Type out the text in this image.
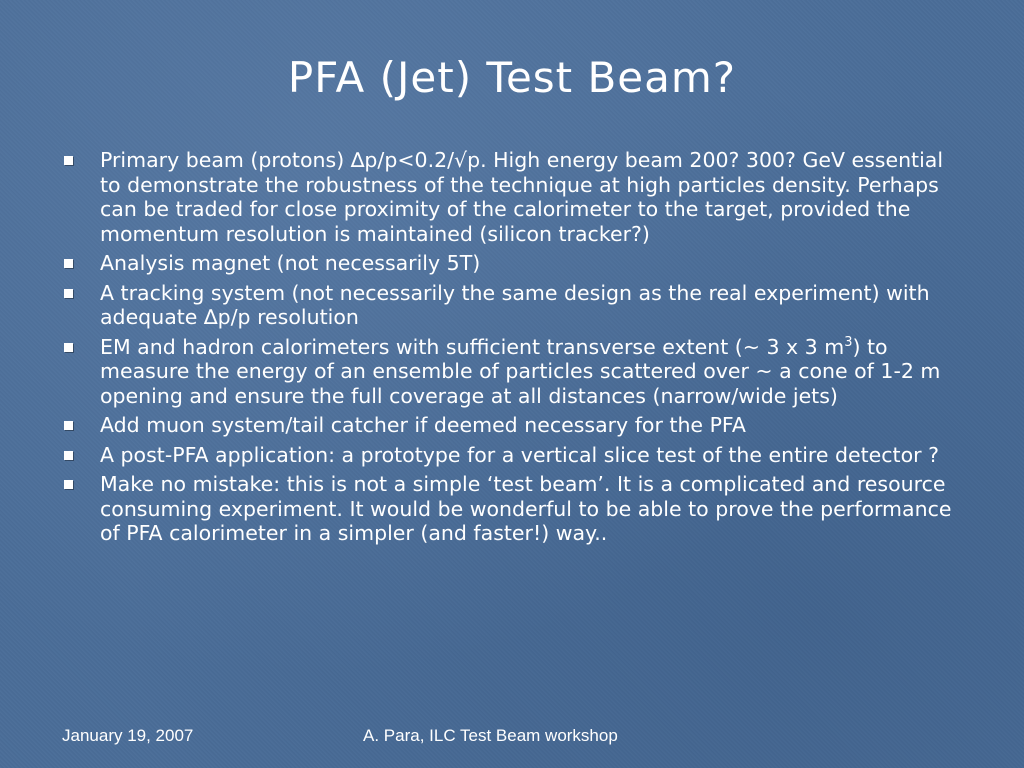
PFA (Jet) Test Beam?
Primary beam (protons) ∆p/p<0.2/√p. High energy beam 200? 300? GeV essential to demonstrate the robustness of the technique at high particles density. Perhaps can be traded for close proximity of the calorimeter to the target, provided the momentum resolution is maintained (silicon tracker?)
Analysis magnet (not necessarily 5T)
A tracking system (not necessarily the same design as the real experiment) with adequate ∆p/p resolution
EM and hadron calorimeters with sufficient transverse extent (~ 3 x 3 $m^3$) to measure the energy of an ensemble of particles scattered over ~ a cone of 1-2 m opening and ensure the full coverage at all distances (narrow/wide jets)
Add muon system/tail catcher if deemed necessary for the PFA
A post-PFA application: a prototype for a vertical slice test of the entire detector ?
Make no mistake: this is not a simple ‘test beam’. It is a complicated and resource consuming experiment. It would be wonderful to be able to prove the performance of PFA calorimeter in a simpler (and faster!) way..
January 19, 2007	A. Para, ILC Test Beam workshop
